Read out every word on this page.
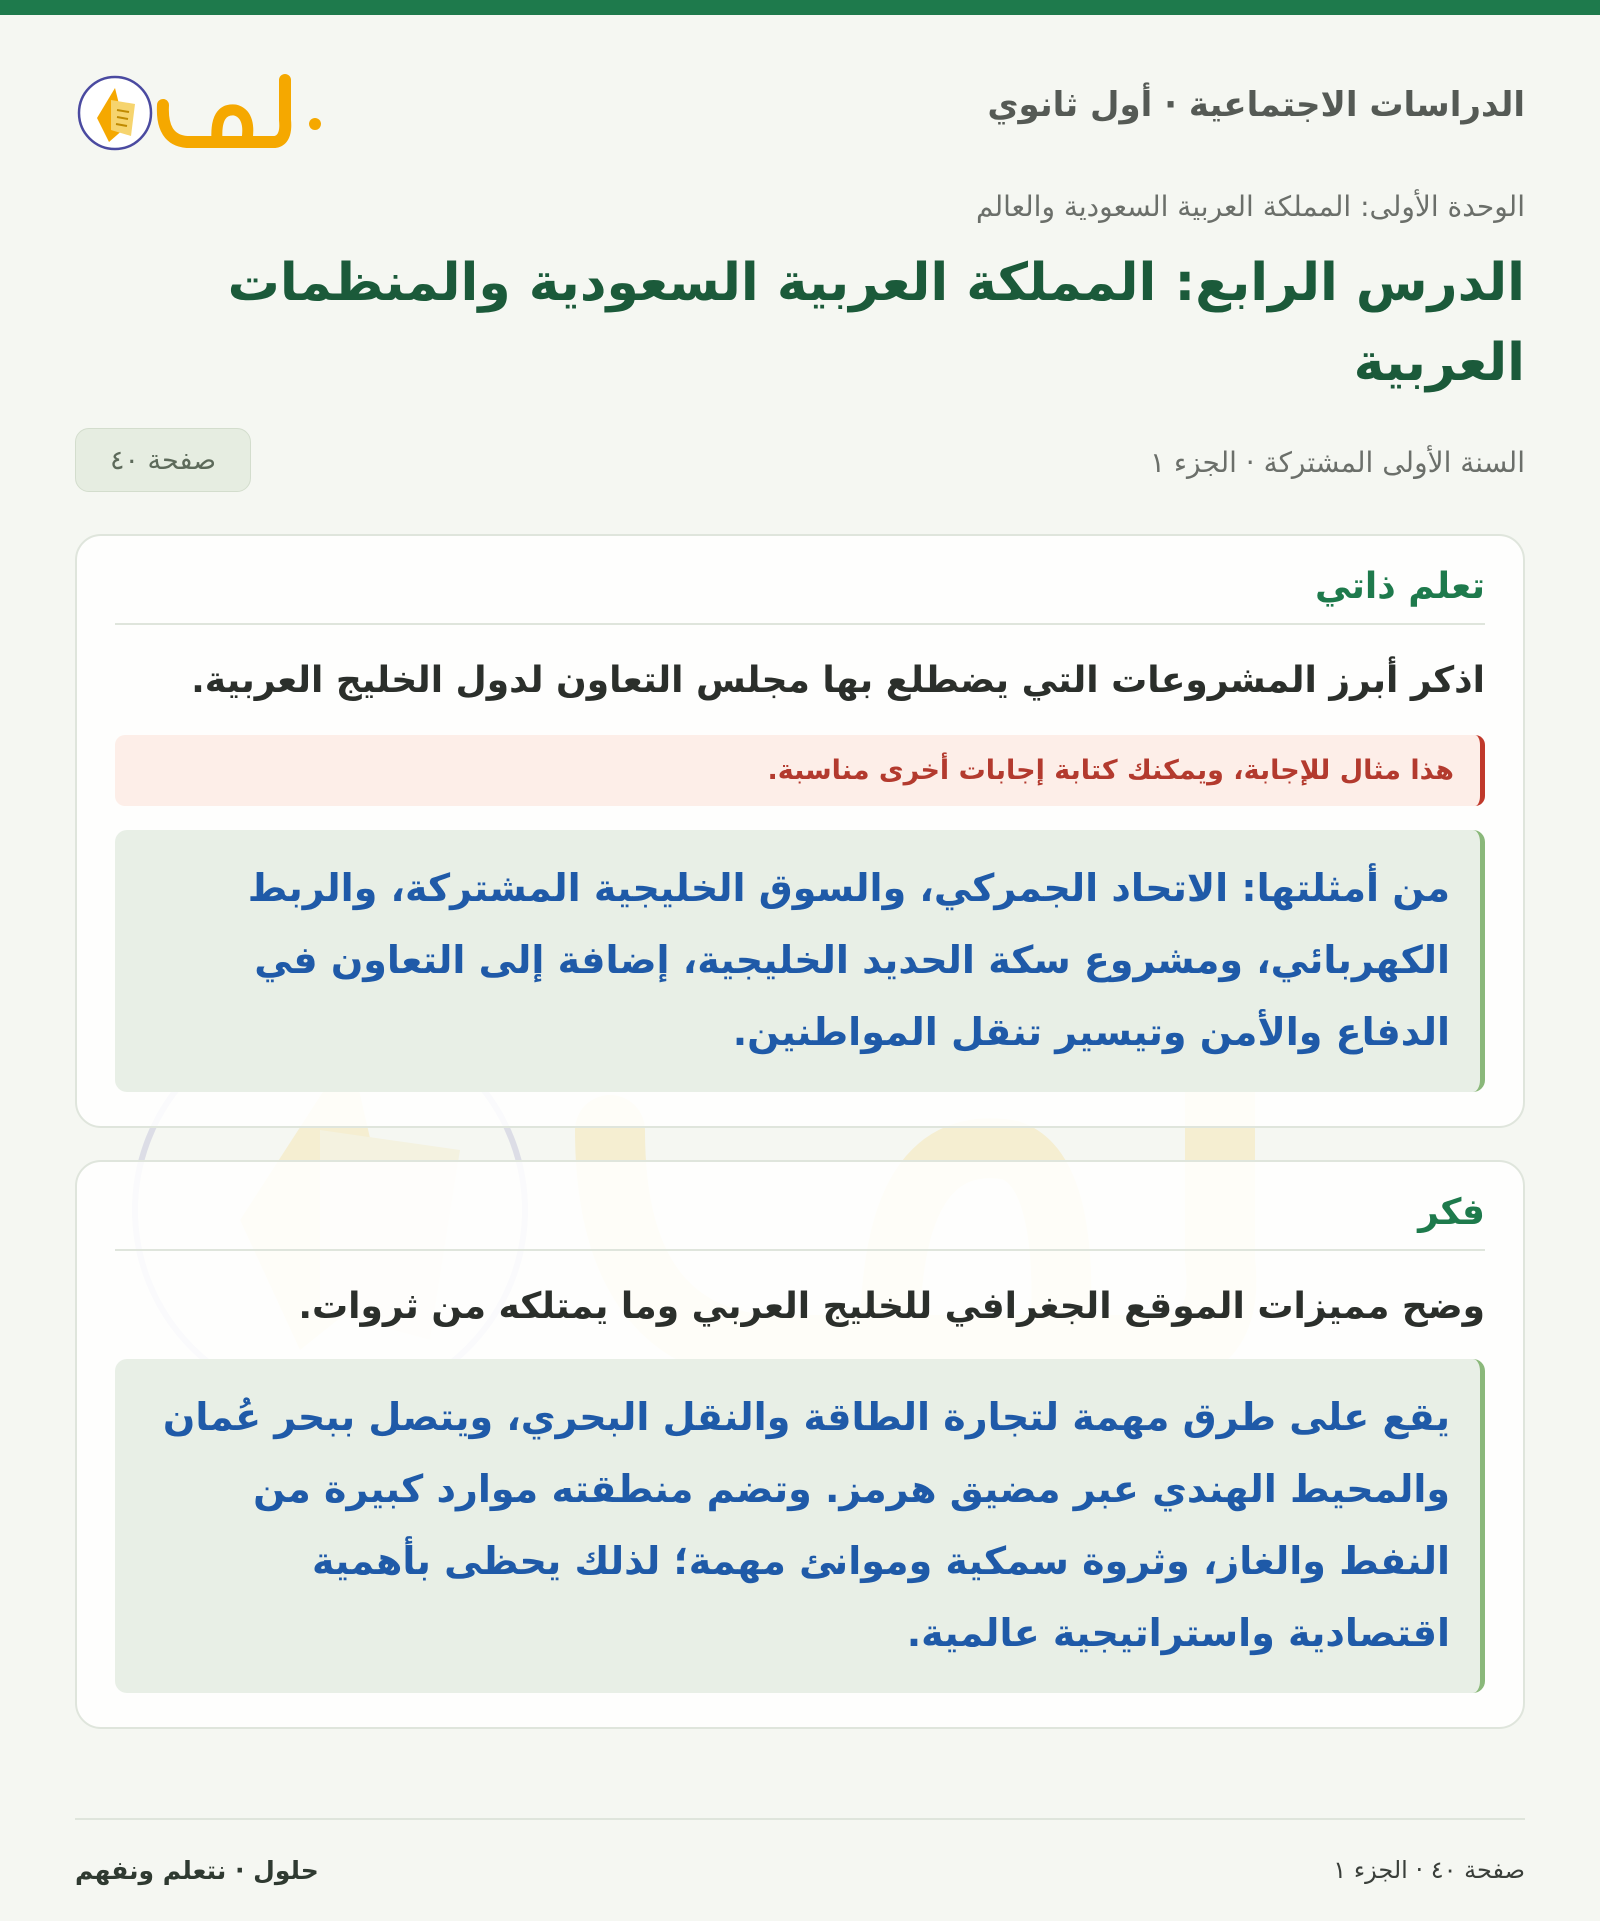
الدراسات الاجتماعية · أول ثانوي
الوحدة الأولى: المملكة العربية السعودية والعالم
الدرس الرابع: المملكة العربية السعودية والمنظمات العربية
السنة الأولى المشتركة · الجزء ١
صفحة ٤٠
تعلم ذاتي
اذكر أبرز المشروعات التي يضطلع بها مجلس التعاون لدول الخليج العربية.
هذا مثال للإجابة، ويمكنك كتابة إجابات أخرى مناسبة.
من أمثلتها: الاتحاد الجمركي، والسوق الخليجية المشتركة، والربط الكهربائي، ومشروع سكة الحديد الخليجية، إضافة إلى التعاون في الدفاع والأمن وتيسير تنقل المواطنين.
فكر
وضح مميزات الموقع الجغرافي للخليج العربي وما يمتلكه من ثروات.
يقع على طرق مهمة لتجارة الطاقة والنقل البحري، ويتصل ببحر عُمان والمحيط الهندي عبر مضيق هرمز. وتضم منطقته موارد كبيرة من النفط والغاز، وثروة سمكية وموانئ مهمة؛ لذلك يحظى بأهمية اقتصادية واستراتيجية عالمية.
صفحة ٤٠ · الجزء ١
حلول · نتعلم ونفهم
